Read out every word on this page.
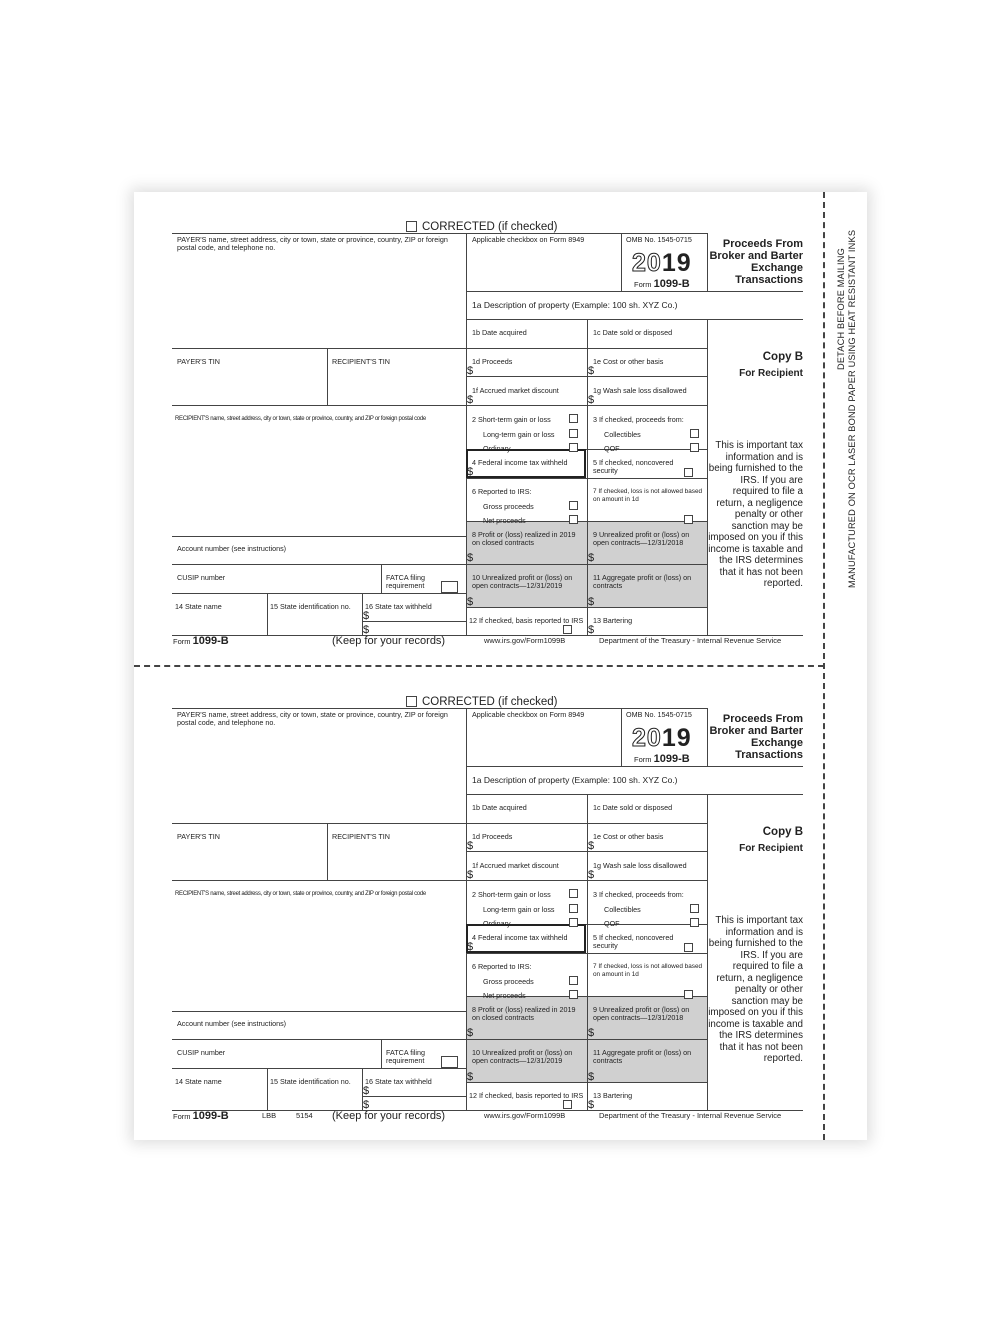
CORRECTED (if checked)
PAYER'S name, street address, city or town, state or province, country, ZIP or foreign postal code, and telephone no.
Applicable checkbox on Form 8949	OMB No. 1545-0715
2019
Form 1099-B
Proceeds From Broker and Barter Exchange Transactions
1a Description of property (Example: 100 sh. XYZ Co.)
1b Date acquired	1c Date sold or disposed
PAYER'S TIN	RECIPIENT'S TIN	1d Proceeds
$
1e Cost or other basis
$
Copy B
For Recipient
1f Accrued market discount
$
1g Wash sale loss disallowed
$
RECIPIENT'S name, street address, city or town, state or province, country, and ZIP or foreign postal code	2 Short-term gain or loss
Long-term gain or loss
Ordinary
3 If checked, proceeds from:
Collectibles
QOF
4 Federal income tax withheld
$
5 If checked, noncovered security
6 Reported to IRS:
Gross proceeds
Net proceeds
7 If checked, loss is not allowed based on amount in 1d
8 Profit or (loss) realized in 2019 on closed contracts
$
9 Unrealized profit or (loss) on open contracts—12/31/2018
$
Account number (see instructions)
CUSIP number	FATCA filing requirement
10 Unrealized profit or (loss) on open contracts—12/31/2019
$
11 Aggregate profit or (loss) on contracts
$
14 State name	15 State identification no. 16 State tax withheld
$
$
12 If checked, basis reported to IRS 13 Bartering
$
This is important tax information and is being furnished to the IRS. If you are required to file a return, a negligence penalty or other sanction may be imposed on you if this income is taxable and the IRS determines that it has not been reported.
Form 1099-B	(Keep for your records)	www.irs.gov/Form1099B	Department of the Treasury - Internal Revenue Service
CORRECTED (if checked)
PAYER'S name, street address, city or town, state or province, country, ZIP or foreign postal code, and telephone no.
Applicable checkbox on Form 8949	OMB No. 1545-0715
2019
Form 1099-B
Proceeds From Broker and Barter Exchange Transactions
1a Description of property (Example: 100 sh. XYZ Co.)
1b Date acquired	1c Date sold or disposed
PAYER'S TIN	RECIPIENT'S TIN	1d Proceeds
$
1e Cost or other basis
$
Copy B
For Recipient
1f Accrued market discount
$
1g Wash sale loss disallowed
$
RECIPIENT'S name, street address, city or town, state or province, country, and ZIP or foreign postal code	2 Short-term gain or loss
Long-term gain or loss
Ordinary
3 If checked, proceeds from:
Collectibles
QOF
4 Federal income tax withheld
$
5 If checked, noncovered security
6 Reported to IRS:
Gross proceeds
Net proceeds
7 If checked, loss is not allowed based on amount in 1d
8 Profit or (loss) realized in 2019 on closed contracts
$
9 Unrealized profit or (loss) on open contracts—12/31/2018
$
Account number (see instructions)
CUSIP number	FATCA filing requirement
10 Unrealized profit or (loss) on open contracts—12/31/2019
$
11 Aggregate profit or (loss) on contracts
$
14 State name	15 State identification no. 16 State tax withheld
$
$
12 If checked, basis reported to IRS 13 Bartering
$
This is important tax information and is being furnished to the IRS. If you are required to file a return, a negligence penalty or other sanction may be imposed on you if this income is taxable and the IRS determines that it has not been reported.
Form 1099-B	LBB	5154 (Keep for your records)	www.irs.gov/Form1099B	Department of the Treasury - Internal Revenue Service
DETACH BEFORE MAILING MANUFACTURED ON OCR LASER BOND PAPER USING HEAT RESISTANT INKS
